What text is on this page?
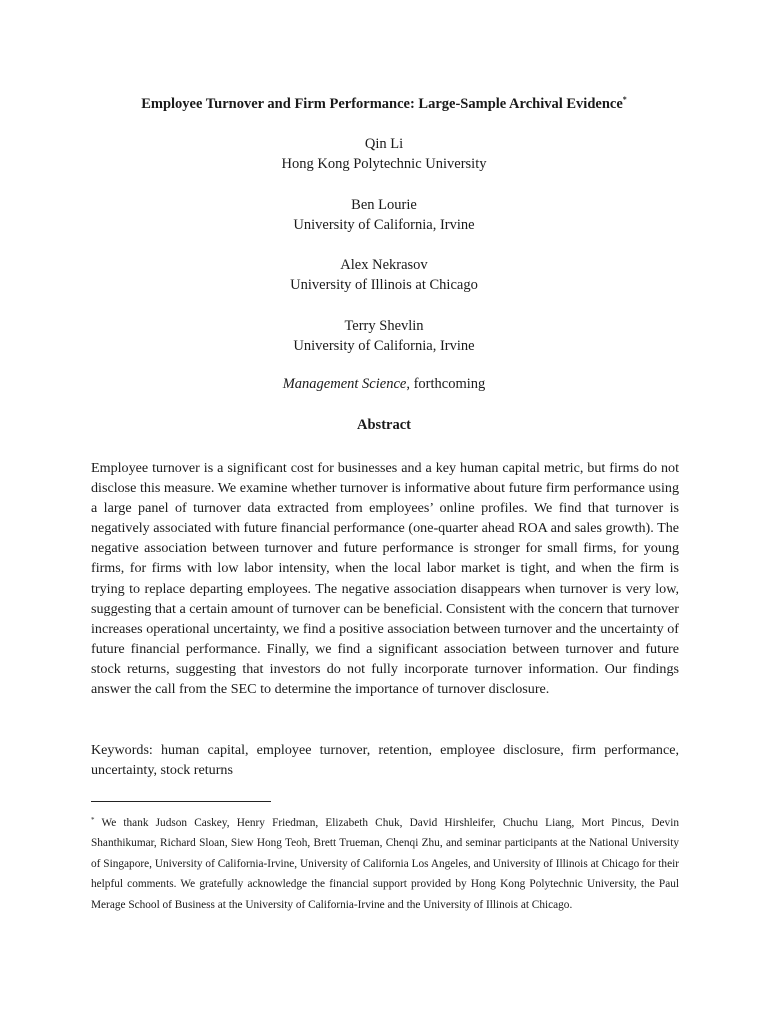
Employee Turnover and Firm Performance: Large-Sample Archival Evidence*
Qin Li
Hong Kong Polytechnic University
Ben Lourie
University of California, Irvine
Alex Nekrasov
University of Illinois at Chicago
Terry Shevlin
University of California, Irvine
Management Science, forthcoming
Abstract
Employee turnover is a significant cost for businesses and a key human capital metric, but firms do not disclose this measure. We examine whether turnover is informative about future firm performance using a large panel of turnover data extracted from employees’ online profiles. We find that turnover is negatively associated with future financial performance (one-quarter ahead ROA and sales growth). The negative association between turnover and future performance is stronger for small firms, for young firms, for firms with low labor intensity, when the local labor market is tight, and when the firm is trying to replace departing employees. The negative association disappears when turnover is very low, suggesting that a certain amount of turnover can be beneficial. Consistent with the concern that turnover increases operational uncertainty, we find a positive association between turnover and the uncertainty of future financial performance. Finally, we find a significant association between turnover and future stock returns, suggesting that investors do not fully incorporate turnover information. Our findings answer the call from the SEC to determine the importance of turnover disclosure.
Keywords: human capital, employee turnover, retention, employee disclosure, firm performance, uncertainty, stock returns
* We thank Judson Caskey, Henry Friedman, Elizabeth Chuk, David Hirshleifer, Chuchu Liang, Mort Pincus, Devin Shanthikumar, Richard Sloan, Siew Hong Teoh, Brett Trueman, Chenqi Zhu, and seminar participants at the National University of Singapore, University of California-Irvine, University of California Los Angeles, and University of Illinois at Chicago for their helpful comments. We gratefully acknowledge the financial support provided by Hong Kong Polytechnic University, the Paul Merage School of Business at the University of California-Irvine and the University of Illinois at Chicago.
